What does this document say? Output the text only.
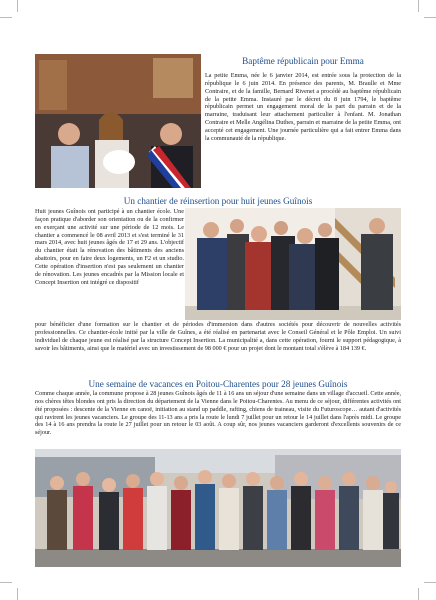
Baptême républicain pour Emma

La petite Emma, née le 6 janvier 2014, est entrée sous la protection de la république le 6 juin 2014. En présence des parents, M. Braulle et Mme Contraire, et de la famille, Bernard Rivenet a procédé au baptême républicain de la petite Emma. Instauré par le décret du 8 juin 1794, le baptême républicain permet un engagement moral de la part du parrain et de la marraine, traduisant leur attachement particulier à l'enfant. M. Jonathan Contraire et Melle Angélina Duthes, parrain et marraine de la petite Emma, ont accepté cet engagement. Une journée particulière qui a fait entrer Emma dans la communauté de la république.

Un chantier de réinsertion pour huit jeunes Guînois

Huit jeunes Guînois ont participé à un chantier école. Une façon pratique d'aborder son orientation ou de la confirmer en exerçant une activité sur une période de 12 mois. Le chantier a commencé le 08 avril 2013 et s'est terminé le 31 mars 2014, avec huit jeunes âgés de 17 et 29 ans. L'objectif du chantier était la rénovation des bâtiments des anciens abattoirs, pour en faire deux logements, un F2 et un studio. Cette opération d'insertion n'est pas seulement un chantier de rénovation. Les jeunes encadrés par la Mission locale et Concept Insertion ont intégré ce dispositif

pour bénéficier d'une formation sur le chantier et de périodes d'immersion dans d'autres sociétés pour découvrir de nouvelles activités professionnelles. Ce chantier-école initié par la ville de Guînes, a été réalisé en partenariat avec le Conseil Général et le Pôle Emploi. Un suivi individuel de chaque jeune est réalisé par la structure Concept Insertion. La municipalité a, dans cette opération, fourni le support pédagogique, à savoir les bâtiments, ainsi que le matériel avec un investissement de 98 000 € pour un projet dont le montant total s'élève à 184 139 €.

Une semaine de vacances en Poitou-Charentes pour 28 jeunes Guînois

Comme chaque année, la commune propose à 28 jeunes Guînois âgés de 11 à 16 ans un séjour d'une semaine dans un village d'accueil. Cette année, nos chères têtes blondes ont pris la direction du département de la Vienne dans le Poitou-Charentes. Au menu de ce séjour, différentes activités ont été proposées : descente de la Vienne en canoë, initiation au stand up paddle, rafting, chiens de traineau, visite du Futuroscope… autant d'activités qui ravirent les jeunes vacanciers. Le groupe des 11-13 ans a pris la route le lundi 7 juillet pour un retour le 14 juillet dans l'après midi. Le groupe des 14 à 16 ans prendra la route le 27 juillet pour un retour le 03 août. A coup sûr, nos jeunes vacanciers garderont d'excellents souvenirs de ce séjour.
